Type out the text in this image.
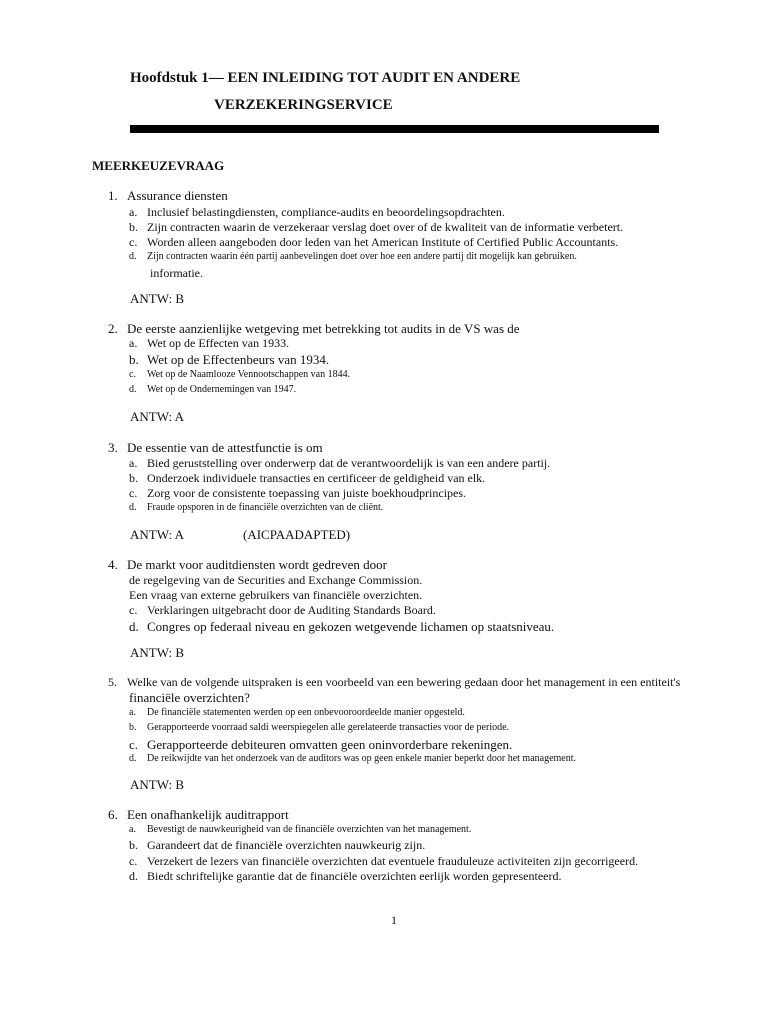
Hoofdstuk 1— EEN INLEIDING TOT AUDIT EN ANDERE
VERZEKERINGSERVICE
MEERKEUZEVRAAG
1. Assurance diensten
a. Inclusief belastingdiensten, compliance-audits en beoordelingsopdrachten.
b. Zijn contracten waarin de verzekeraar verslag doet over of de kwaliteit van de informatie verbetert.
c. Worden alleen aangeboden door leden van het American Institute of Certified Public Accountants.
d. Zijn contracten waarin één partij aanbevelingen doet over hoe een andere partij dit mogelijk kan gebruiken.
informatie.
ANTW: B
2. De eerste aanzienlijke wetgeving met betrekking tot audits in de VS was de
a. Wet op de Effecten van 1933.
b. Wet op de Effectenbeurs van 1934.
c. Wet op de Naamlooze Vennootschappen van 1844.
d. Wet op de Ondernemingen van 1947.
ANTW: A
3. De essentie van de attestfunctie is om
a. Bied geruststelling over onderwerp dat de verantwoordelijk is van een andere partij.
b. Onderzoek individuele transacties en certificeer de geldigheid van elk.
c. Zorg voor de consistente toepassing van juiste boekhoudprincipes.
d. Fraude opsporen in de financiële overzichten van de cliënt.
ANTW: A	(AICPAADAPTED)
4. De markt voor auditdiensten wordt gedreven door
de regelgeving van de Securities and Exchange Commission.
Een vraag van externe gebruikers van financiële overzichten.
c. Verklaringen uitgebracht door de Auditing Standards Board.
d. Congres op federaal niveau en gekozen wetgevende lichamen op staatsniveau.
ANTW: B
5. Welke van de volgende uitspraken is een voorbeeld van een bewering gedaan door het management in een entiteit's
financiële overzichten?
a. De financiële statementen werden op een onbevooroordeelde manier opgesteld.
b. Gerapporteerde voorraad saldi weerspiegelen alle gerelateerde transacties voor de periode.
c. Gerapporteerde debiteuren omvatten geen oninvorderbare rekeningen.
d. De reikwijdte van het onderzoek van de auditors was op geen enkele manier beperkt door het management.
ANTW: B
6. Een onafhankelijk auditrapport
a. Bevestigt de nauwkeurigheid van de financiële overzichten van het management.
b. Garandeert dat de financiële overzichten nauwkeurig zijn.
c. Verzekert de lezers van financiële overzichten dat eventuele frauduleuze activiteiten zijn gecorrigeerd.
d. Biedt schriftelijke garantie dat de financiële overzichten eerlijk worden gepresenteerd.
1
